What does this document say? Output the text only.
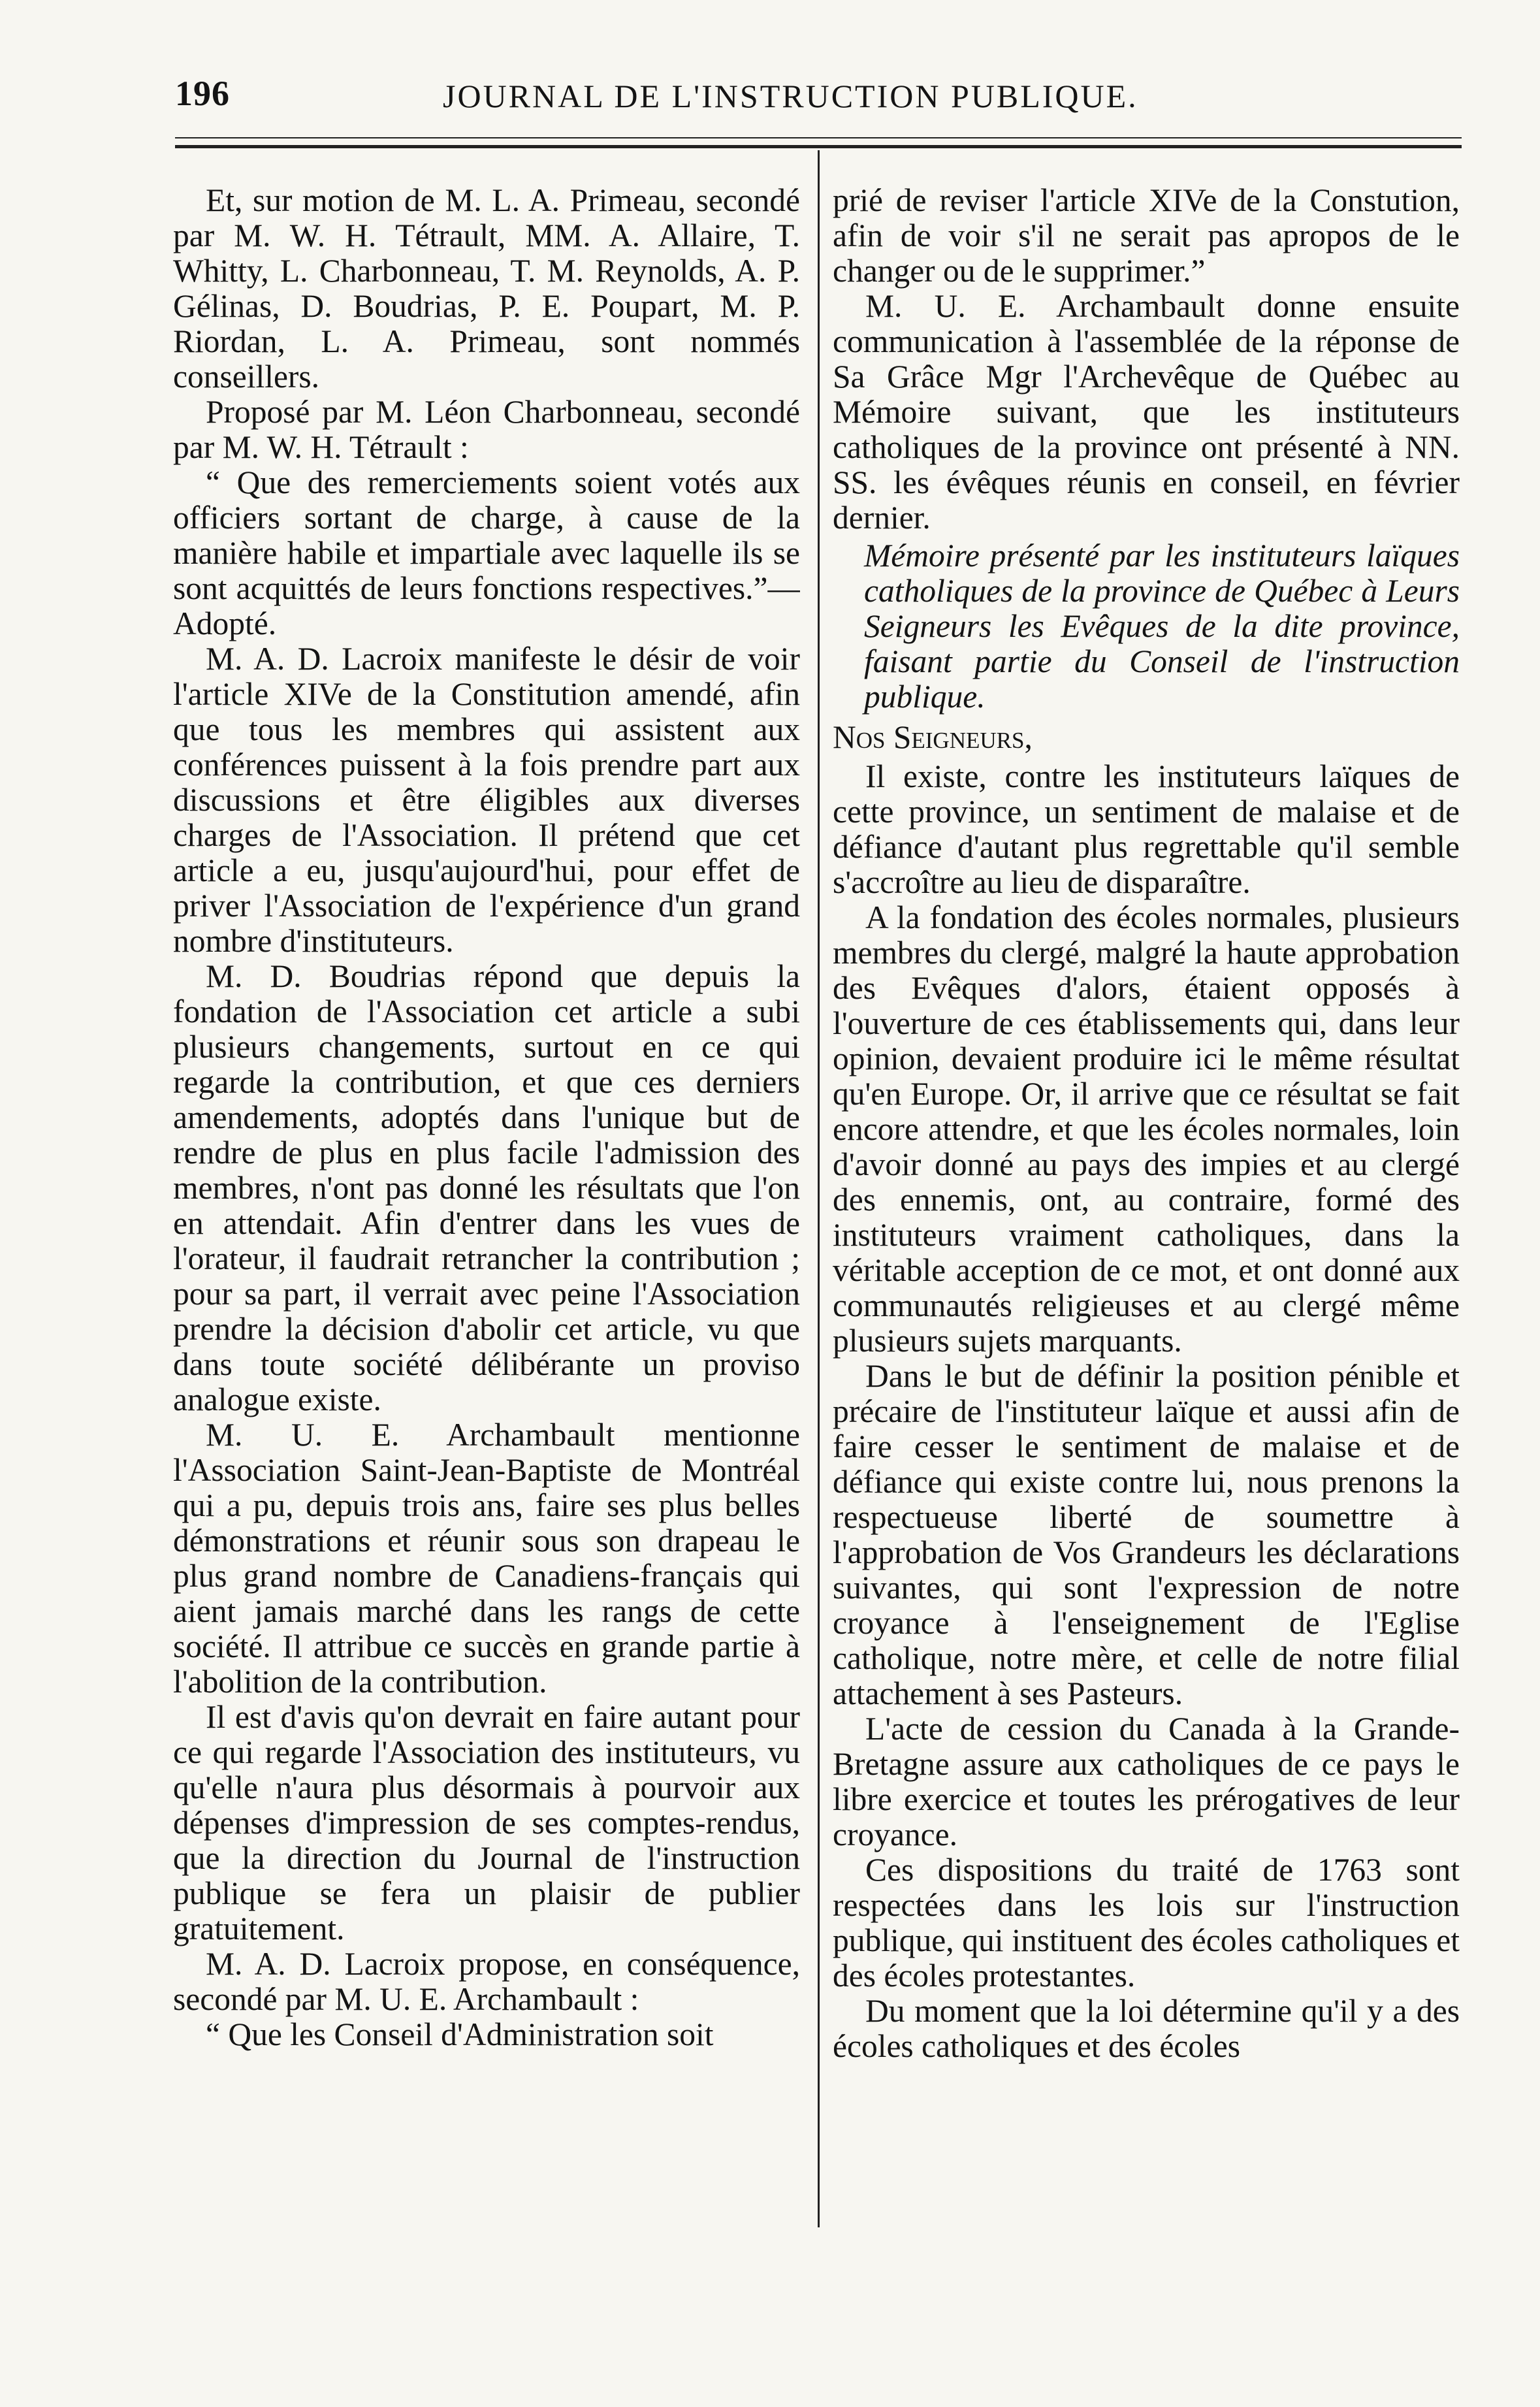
196	JOURNAL DE L'INSTRUCTION PUBLIQUE.

Et, sur motion de M. L. A. Primeau, secondé par M. W. H. Tétrault, MM. A. Allaire, T. Whitty, L. Charbonneau, T. M. Reynolds, A. P. Gélinas, D. Boudrias, P. E. Poupart, M. P. Riordan, L. A. Primeau, sont nommés conseillers.

Proposé par M. Léon Charbonneau, secondé par M. W. H. Tétrault :

“ Que des remerciements soient votés aux officiers sortant de charge, à cause de la manière habile et impartiale avec laquelle ils se sont acquittés de leurs fonctions respectives.”—Adopté.

M. A. D. Lacroix manifeste le désir de voir l'article XIVe de la Constitution amendé, afin que tous les membres qui assistent aux conférences puissent à la fois prendre part aux discussions et être éligibles aux diverses charges de l'Association. Il prétend que cet article a eu, jusqu'aujourd'hui, pour effet de priver l'Association de l'expérience d'un grand nombre d'instituteurs.

M. D. Boudrias répond que depuis la fondation de l'Association cet article a subi plusieurs changements, surtout en ce qui regarde la contribution, et que ces derniers amendements, adoptés dans l'unique but de rendre de plus en plus facile l'admission des membres, n'ont pas donné les résultats que l'on en attendait. Afin d'entrer dans les vues de l'orateur, il faudrait retrancher la contribution ; pour sa part, il verrait avec peine l'Association prendre la décision d'abolir cet article, vu que dans toute société délibérante un proviso analogue existe.

M. U. E. Archambault mentionne l'Association Saint-Jean-Baptiste de Montréal qui a pu, depuis trois ans, faire ses plus belles démonstrations et réunir sous son drapeau le plus grand nombre de Canadiens-français qui aient jamais marché dans les rangs de cette société. Il attribue ce succès en grande partie à l'abolition de la contribution.

Il est d'avis qu'on devrait en faire autant pour ce qui regarde l'Association des instituteurs, vu qu'elle n'aura plus désormais à pourvoir aux dépenses d'impression de ses comptes-rendus, que la direction du Journal de l'instruction publique se fera un plaisir de publier gratuitement.

M. A. D. Lacroix propose, en conséquence, secondé par M. U. E. Archambault :

“ Que les Conseil d'Administration soit

prié de reviser l'article XIVe de la Constution, afin de voir s'il ne serait pas apropos de le changer ou de le supprimer.”

M. U. E. Archambault donne ensuite communication à l'assemblée de la réponse de Sa Grâce Mgr l'Archevêque de Québec au Mémoire suivant, que les instituteurs catholiques de la province ont présenté à NN. SS. les évêques réunis en conseil, en février dernier.

Mémoire présenté par les instituteurs laïques catholiques de la province de Québec à Leurs Seigneurs les Evêques de la dite province, faisant partie du Conseil de l'instruction publique.

Nos Seigneurs,

Il existe, contre les instituteurs laïques de cette province, un sentiment de malaise et de défiance d'autant plus regrettable qu'il semble s'accroître au lieu de disparaître.

A la fondation des écoles normales, plusieurs membres du clergé, malgré la haute approbation des Evêques d'alors, étaient opposés à l'ouverture de ces établissements qui, dans leur opinion, devaient produire ici le même résultat qu'en Europe. Or, il arrive que ce résultat se fait encore attendre, et que les écoles normales, loin d'avoir donné au pays des impies et au clergé des ennemis, ont, au contraire, formé des instituteurs vraiment catholiques, dans la véritable acception de ce mot, et ont donné aux communautés religieuses et au clergé même plusieurs sujets marquants.

Dans le but de définir la position pénible et précaire de l'instituteur laïque et aussi afin de faire cesser le sentiment de malaise et de défiance qui existe contre lui, nous prenons la respectueuse liberté de soumettre à l'approbation de Vos Grandeurs les déclarations suivantes, qui sont l'expression de notre croyance à l'enseignement de l'Eglise catholique, notre mère, et celle de notre filial attachement à ses Pasteurs.

L'acte de cession du Canada à la Grande-Bretagne assure aux catholiques de ce pays le libre exercice et toutes les prérogatives de leur croyance.

Ces dispositions du traité de 1763 sont respectées dans les lois sur l'instruction publique, qui instituent des écoles catholiques et des écoles protestantes.

Du moment que la loi détermine qu'il y a des écoles catholiques et des écoles
